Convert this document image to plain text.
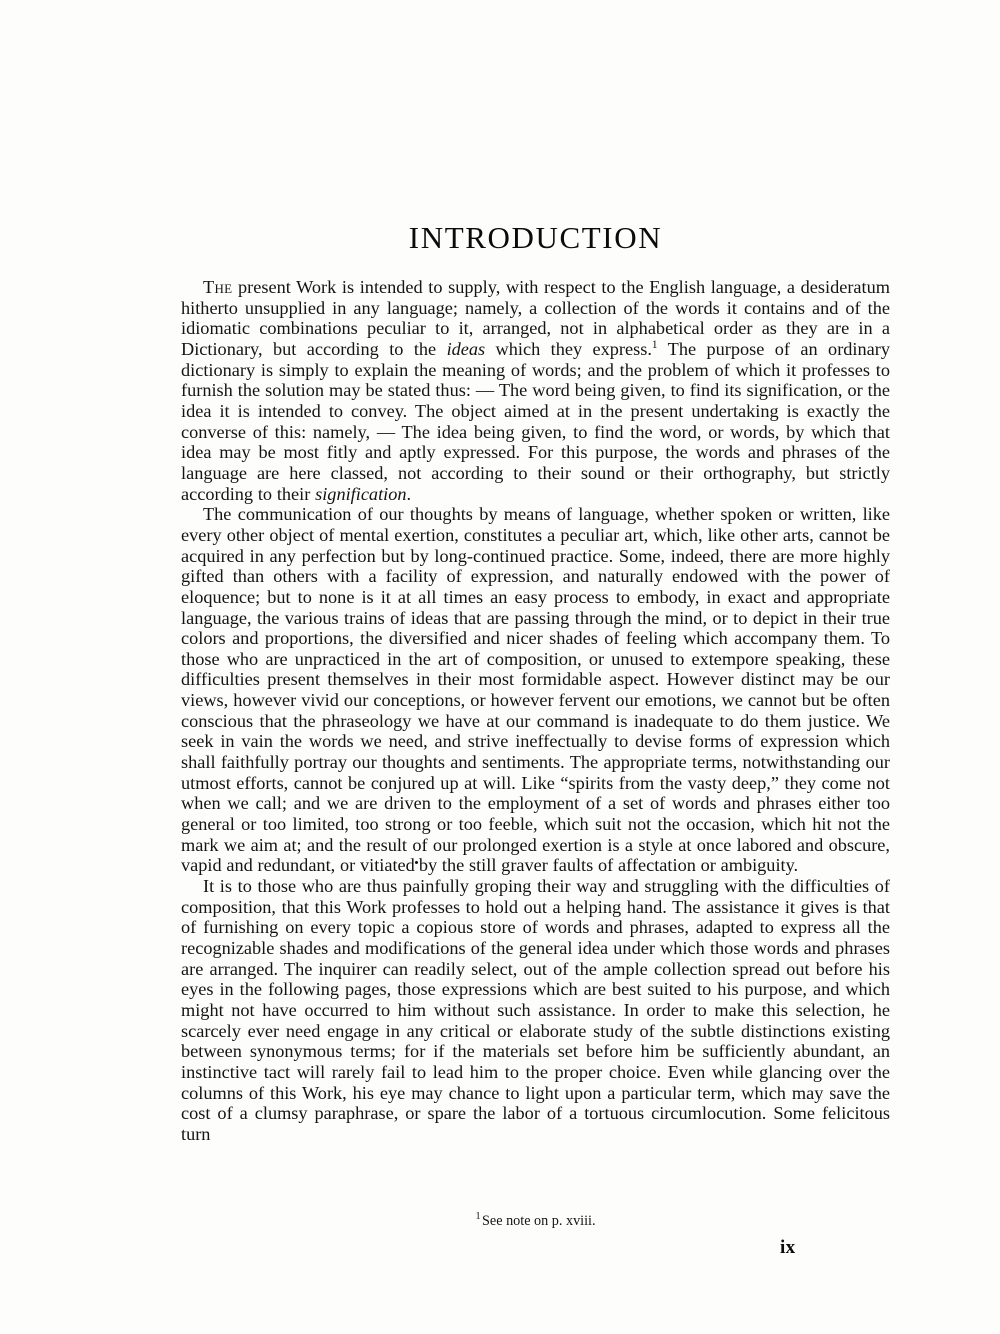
INTRODUCTION

The present Work is intended to supply, with respect to the English language, a desideratum hitherto unsupplied in any language; namely, a collection of the words it contains and of the idiomatic combinations peculiar to it, arranged, not in alphabetical order as they are in a Dictionary, but according to the ideas which they express.$^1$ The purpose of an ordinary dictionary is simply to explain the meaning of words; and the problem of which it professes to furnish the solution may be stated thus: — The word being given, to find its signification, or the idea it is intended to convey. The object aimed at in the present undertaking is exactly the converse of this: namely, — The idea being given, to find the word, or words, by which that idea may be most fitly and aptly expressed. For this purpose, the words and phrases of the language are here classed, not according to their sound or their orthography, but strictly according to their signification.

The communication of our thoughts by means of language, whether spoken or written, like every other object of mental exertion, constitutes a peculiar art, which, like other arts, cannot be acquired in any perfection but by long-continued practice. Some, indeed, there are more highly gifted than others with a facility of expression, and naturally endowed with the power of eloquence; but to none is it at all times an easy process to embody, in exact and appropriate language, the various trains of ideas that are passing through the mind, or to depict in their true colors and proportions, the diversified and nicer shades of feeling which accompany them. To those who are unpracticed in the art of composition, or unused to extempore speaking, these difficulties present themselves in their most formidable aspect. However distinct may be our views, however vivid our conceptions, or however fervent our emotions, we cannot but be often conscious that the phraseology we have at our command is inadequate to do them justice. We seek in vain the words we need, and strive ineffectually to devise forms of expression which shall faithfully portray our thoughts and sentiments. The appropriate terms, notwithstanding our utmost efforts, cannot be conjured up at will. Like “spirits from the vasty deep,” they come not when we call; and we are driven to the employment of a set of words and phrases either too general or too limited, too strong or too feeble, which suit not the occasion, which hit not the mark we aim at; and the result of our prolonged exertion is a style at once labored and obscure, vapid and redundant, or vitiated by the still graver faults of affectation or ambiguity.

It is to those who are thus painfully groping their way and struggling with the difficulties of composition, that this Work professes to hold out a helping hand. The assistance it gives is that of furnishing on every topic a copious store of words and phrases, adapted to express all the recognizable shades and modifications of the general idea under which those words and phrases are arranged. The inquirer can readily select, out of the ample collection spread out before his eyes in the following pages, those expressions which are best suited to his purpose, and which might not have occurred to him without such assistance. In order to make this selection, he scarcely ever need engage in any critical or elaborate study of the subtle distinctions existing between synonymous terms; for if the materials set before him be sufficiently abundant, an instinctive tact will rarely fail to lead him to the proper choice. Even while glancing over the columns of this Work, his eye may chance to light upon a particular term, which may save the cost of a clumsy paraphrase, or spare the labor of a tortuous circumlocution. Some felicitous turn

$^1$ See note on p. xviii.
ix
